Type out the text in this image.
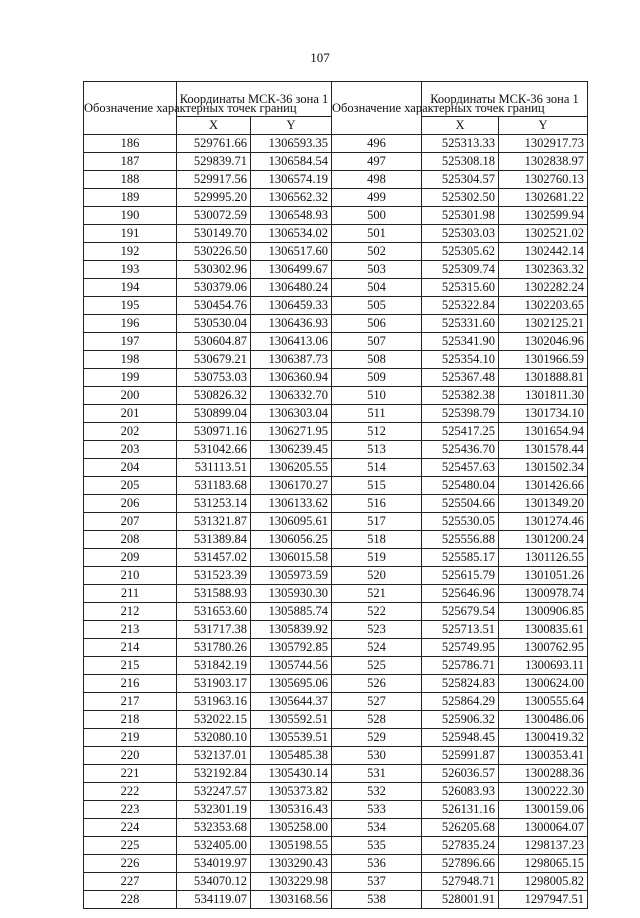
107
Обозначение характерных точек границ	Координаты МСК-36 зона 1		Обозначение характерных точек границ	Координаты МСК-36 зона 1	
	X	Y		X	Y
186	529761.66	1306593.35	496	525313.33	1302917.73
187	529839.71	1306584.54	497	525308.18	1302838.97
188	529917.56	1306574.19	498	525304.57	1302760.13
189	529995.20	1306562.32	499	525302.50	1302681.22
190	530072.59	1306548.93	500	525301.98	1302599.94
191	530149.70	1306534.02	501	525303.03	1302521.02
192	530226.50	1306517.60	502	525305.62	1302442.14
193	530302.96	1306499.67	503	525309.74	1302363.32
194	530379.06	1306480.24	504	525315.60	1302282.24
195	530454.76	1306459.33	505	525322.84	1302203.65
196	530530.04	1306436.93	506	525331.60	1302125.21
197	530604.87	1306413.06	507	525341.90	1302046.96
198	530679.21	1306387.73	508	525354.10	1301966.59
199	530753.03	1306360.94	509	525367.48	1301888.81
200	530826.32	1306332.70	510	525382.38	1301811.30
201	530899.04	1306303.04	511	525398.79	1301734.10
202	530971.16	1306271.95	512	525417.25	1301654.94
203	531042.66	1306239.45	513	525436.70	1301578.44
204	531113.51	1306205.55	514	525457.63	1301502.34
205	531183.68	1306170.27	515	525480.04	1301426.66
206	531253.14	1306133.62	516	525504.66	1301349.20
207	531321.87	1306095.61	517	525530.05	1301274.46
208	531389.84	1306056.25	518	525556.88	1301200.24
209	531457.02	1306015.58	519	525585.17	1301126.55
210	531523.39	1305973.59	520	525615.79	1301051.26
211	531588.93	1305930.30	521	525646.96	1300978.74
212	531653.60	1305885.74	522	525679.54	1300906.85
213	531717.38	1305839.92	523	525713.51	1300835.61
214	531780.26	1305792.85	524	525749.95	1300762.95
215	531842.19	1305744.56	525	525786.71	1300693.11
216	531903.17	1305695.06	526	525824.83	1300624.00
217	531963.16	1305644.37	527	525864.29	1300555.64
218	532022.15	1305592.51	528	525906.32	1300486.06
219	532080.10	1305539.51	529	525948.45	1300419.32
220	532137.01	1305485.38	530	525991.87	1300353.41
221	532192.84	1305430.14	531	526036.57	1300288.36
222	532247.57	1305373.82	532	526083.93	1300222.30
223	532301.19	1305316.43	533	526131.16	1300159.06
224	532353.68	1305258.00	534	526205.68	1300064.07
225	532405.00	1305198.55	535	527835.24	1298137.23
226	534019.97	1303290.43	536	527896.66	1298065.15
227	534070.12	1303229.98	537	527948.71	1298005.82
228	534119.07	1303168.56	538	528001.91	1297947.51
